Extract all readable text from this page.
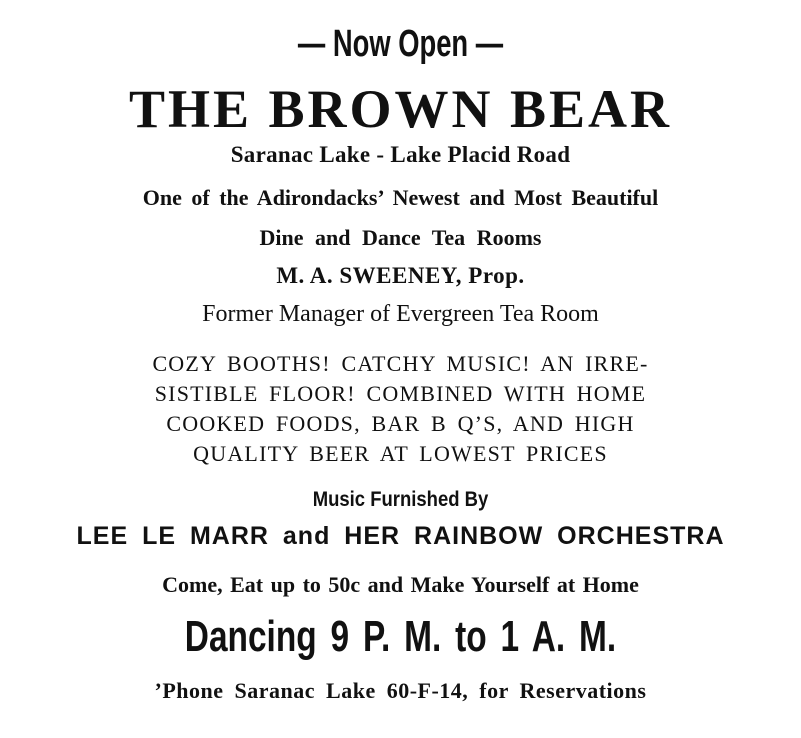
— Now Open —
THE BROWN BEAR
Saranac Lake - Lake Placid Road
One of the Adirondacks’ Newest and Most Beautiful
Dine and Dance Tea Rooms
M. A. SWEENEY, Prop.
Former Manager of Evergreen Tea Room
COZY BOOTHS! CATCHY MUSIC! AN IRRE-
SISTIBLE FLOOR! COMBINED WITH HOME
COOKED FOODS, BAR B Q’S, AND HIGH
QUALITY BEER AT LOWEST PRICES
Music Furnished By
LEE LE MARR and HER RAINBOW ORCHESTRA
Come, Eat up to 50c and Make Yourself at Home
Dancing 9 P. M. to 1 A. M.
’Phone Saranac Lake 60-F-14, for Reservations
